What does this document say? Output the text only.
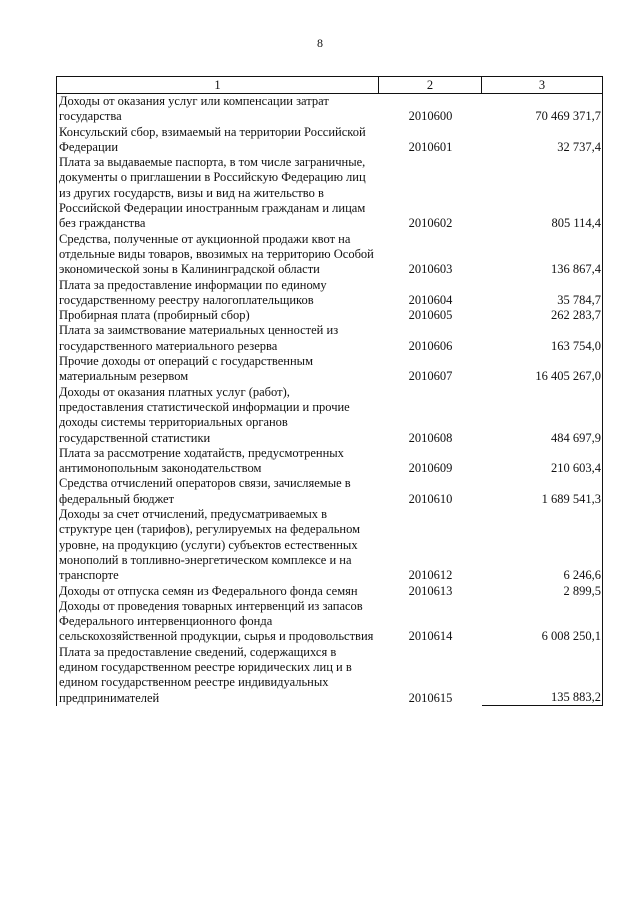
8
1	2	3
Доходы от оказания услуг или компенсации затрат государства	2010600	70 469 371,7
Консульский сбор, взимаемый на территории Российской Федерации	2010601	32 737,4
Плата за выдаваемые паспорта, в том числе заграничные, документы о приглашении в Российскую Федерацию лиц из других государств, визы и вид на жительство в Российской Федерации иностранным гражданам и лицам без гражданства	2010602	805 114,4
Средства, полученные от аукционной продажи квот на отдельные виды товаров, ввозимых на территорию Особой экономической зоны в Калининградской области	2010603	136 867,4
Плата за предоставление информации по единому государственному реестру налогоплательщиков	2010604	35 784,7
Пробирная плата (пробирный сбор)	2010605	262 283,7
Плата за заимствование материальных ценностей из государственного материального резерва	2010606	163 754,0
Прочие доходы от операций с государственным материальным резервом	2010607	16 405 267,0
Доходы от оказания платных услуг (работ), предоставления статистической информации и прочие доходы системы территориальных органов государственной статистики	2010608	484 697,9
Плата за рассмотрение ходатайств, предусмотренных антимонопольным законодательством	2010609	210 603,4
Средства отчислений операторов связи, зачисляемые в федеральный бюджет	2010610	1 689 541,3
Доходы за счет отчислений, предусматриваемых в структуре цен (тарифов), регулируемых на федеральном уровне, на продукцию (услуги) субъектов естественных монополий в топливно-энергетическом комплексе и на транспорте	2010612	6 246,6
Доходы от отпуска семян из Федерального фонда семян	2010613	2 899,5
Доходы от проведения товарных интервенций из запасов Федерального интервенционного фонда сельскохозяйственной продукции, сырья и продовольствия	2010614	6 008 250,1
Плата за предоставление сведений, содержащихся в едином государственном реестре юридических лиц и в едином государственном реестре индивидуальных предпринимателей	2010615	135 883,2
